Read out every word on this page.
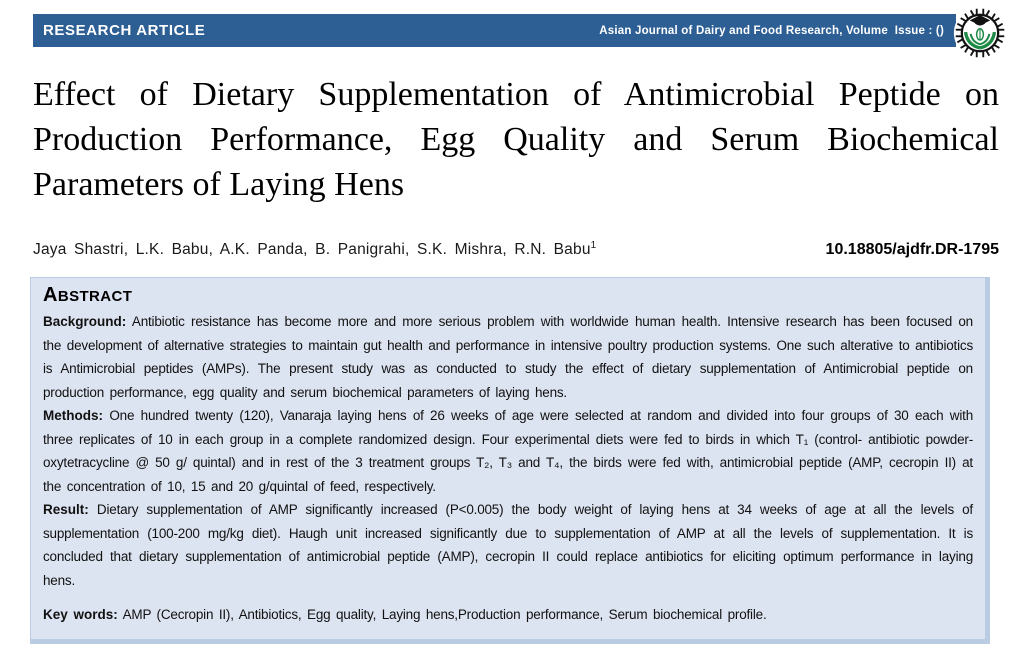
RESEARCH ARTICLE	Asian Journal of Dairy and Food Research, Volume  Issue : ()
Effect of Dietary Supplementation of Antimicrobial Peptide on Production Performance, Egg Quality and Serum Biochemical Parameters of Laying Hens
Jaya Shastri, L.K. Babu, A.K. Panda, B. Panigrahi, S.K. Mishra, R.N. Babu$^1$	10.18805/ajdfr.DR-1795
ABSTRACT

Background: Antibiotic resistance has become more and more serious problem with worldwide human health. Intensive research has been focused on the development of alternative strategies to maintain gut health and performance in intensive poultry production systems. One such alterative to antibiotics is Antimicrobial peptides (AMPs). The present study was as conducted to study the effect of dietary supplementation of Antimicrobial peptide on production performance, egg quality and serum biochemical parameters of laying hens.

Methods: One hundred twenty (120), Vanaraja laying hens of 26 weeks of age were selected at random and divided into four groups of 30 each with three replicates of 10 in each group in a complete randomized design. Four experimental diets were fed to birds in which T₁ (control- antibiotic powder-oxytetracycline @ 50 g/ quintal) and in rest of the 3 treatment groups T₂, T₃ and T₄, the birds were fed with, antimicrobial peptide (AMP, cecropin II) at the concentration of 10, 15 and 20 g/quintal of feed, respectively.

Result: Dietary supplementation of AMP significantly increased (P<0.005) the body weight of laying hens at 34 weeks of age at all the levels of supplementation (100-200 mg/kg diet). Haugh unit increased significantly due to supplementation of AMP at all the levels of supplementation. It is concluded that dietary supplementation of antimicrobial peptide (AMP), cecropin II could replace antibiotics for eliciting optimum performance in laying hens.

Key words: AMP (Cecropin II), Antibiotics, Egg quality, Laying hens,Production performance, Serum biochemical profile.
